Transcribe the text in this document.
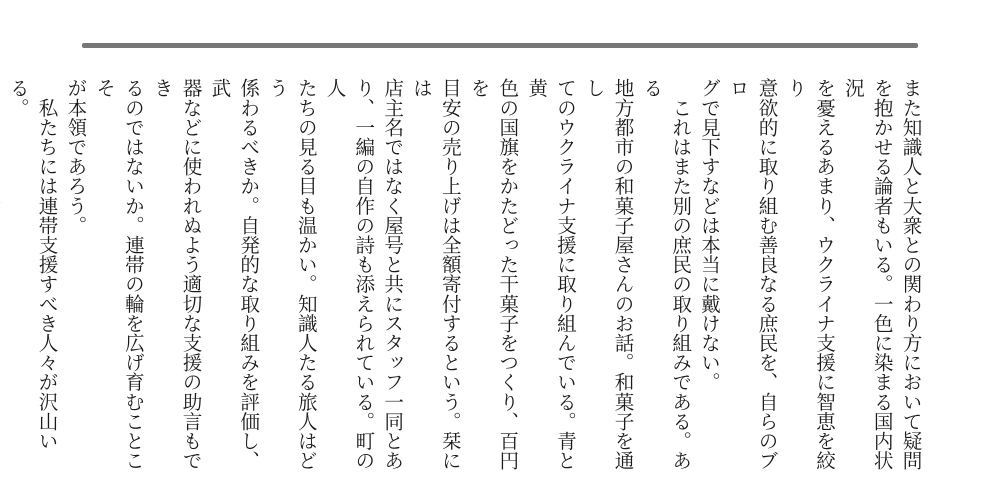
また知識人と大衆との関わり方において疑問
を抱かせる論者もいる。一色に染まる国内状況
を憂えるあまり、ウクライナ支援に智恵を絞り
意欲的に取り組む善良なる庶民を、自らのブロ
グで見下すなどは本当に戴けない。

　これはまた別の庶民の取り組みである。ある
地方都市の和菓子屋さんのお話。和菓子を通し
てのウクライナ支援に取り組んでいる。青と黄
色の国旗をかたどった干菓子をつくり、百円を
目安の売り上げは全額寄付するという。栞には
店主名ではなく屋号と共にスタッフ一同とあ
り、一編の自作の詩も添えられている。町の人
たちの見る目も温かい。知識人たる旅人はどう
係わるべきか。自発的な取り組みを評価し、武
器などに使われぬよう適切な支援の助言もでき
るのではないか。連帯の輪を広げ育むことこそ
が本領であろう。

　私たちには連帯支援すべき人々が沢山いる。
